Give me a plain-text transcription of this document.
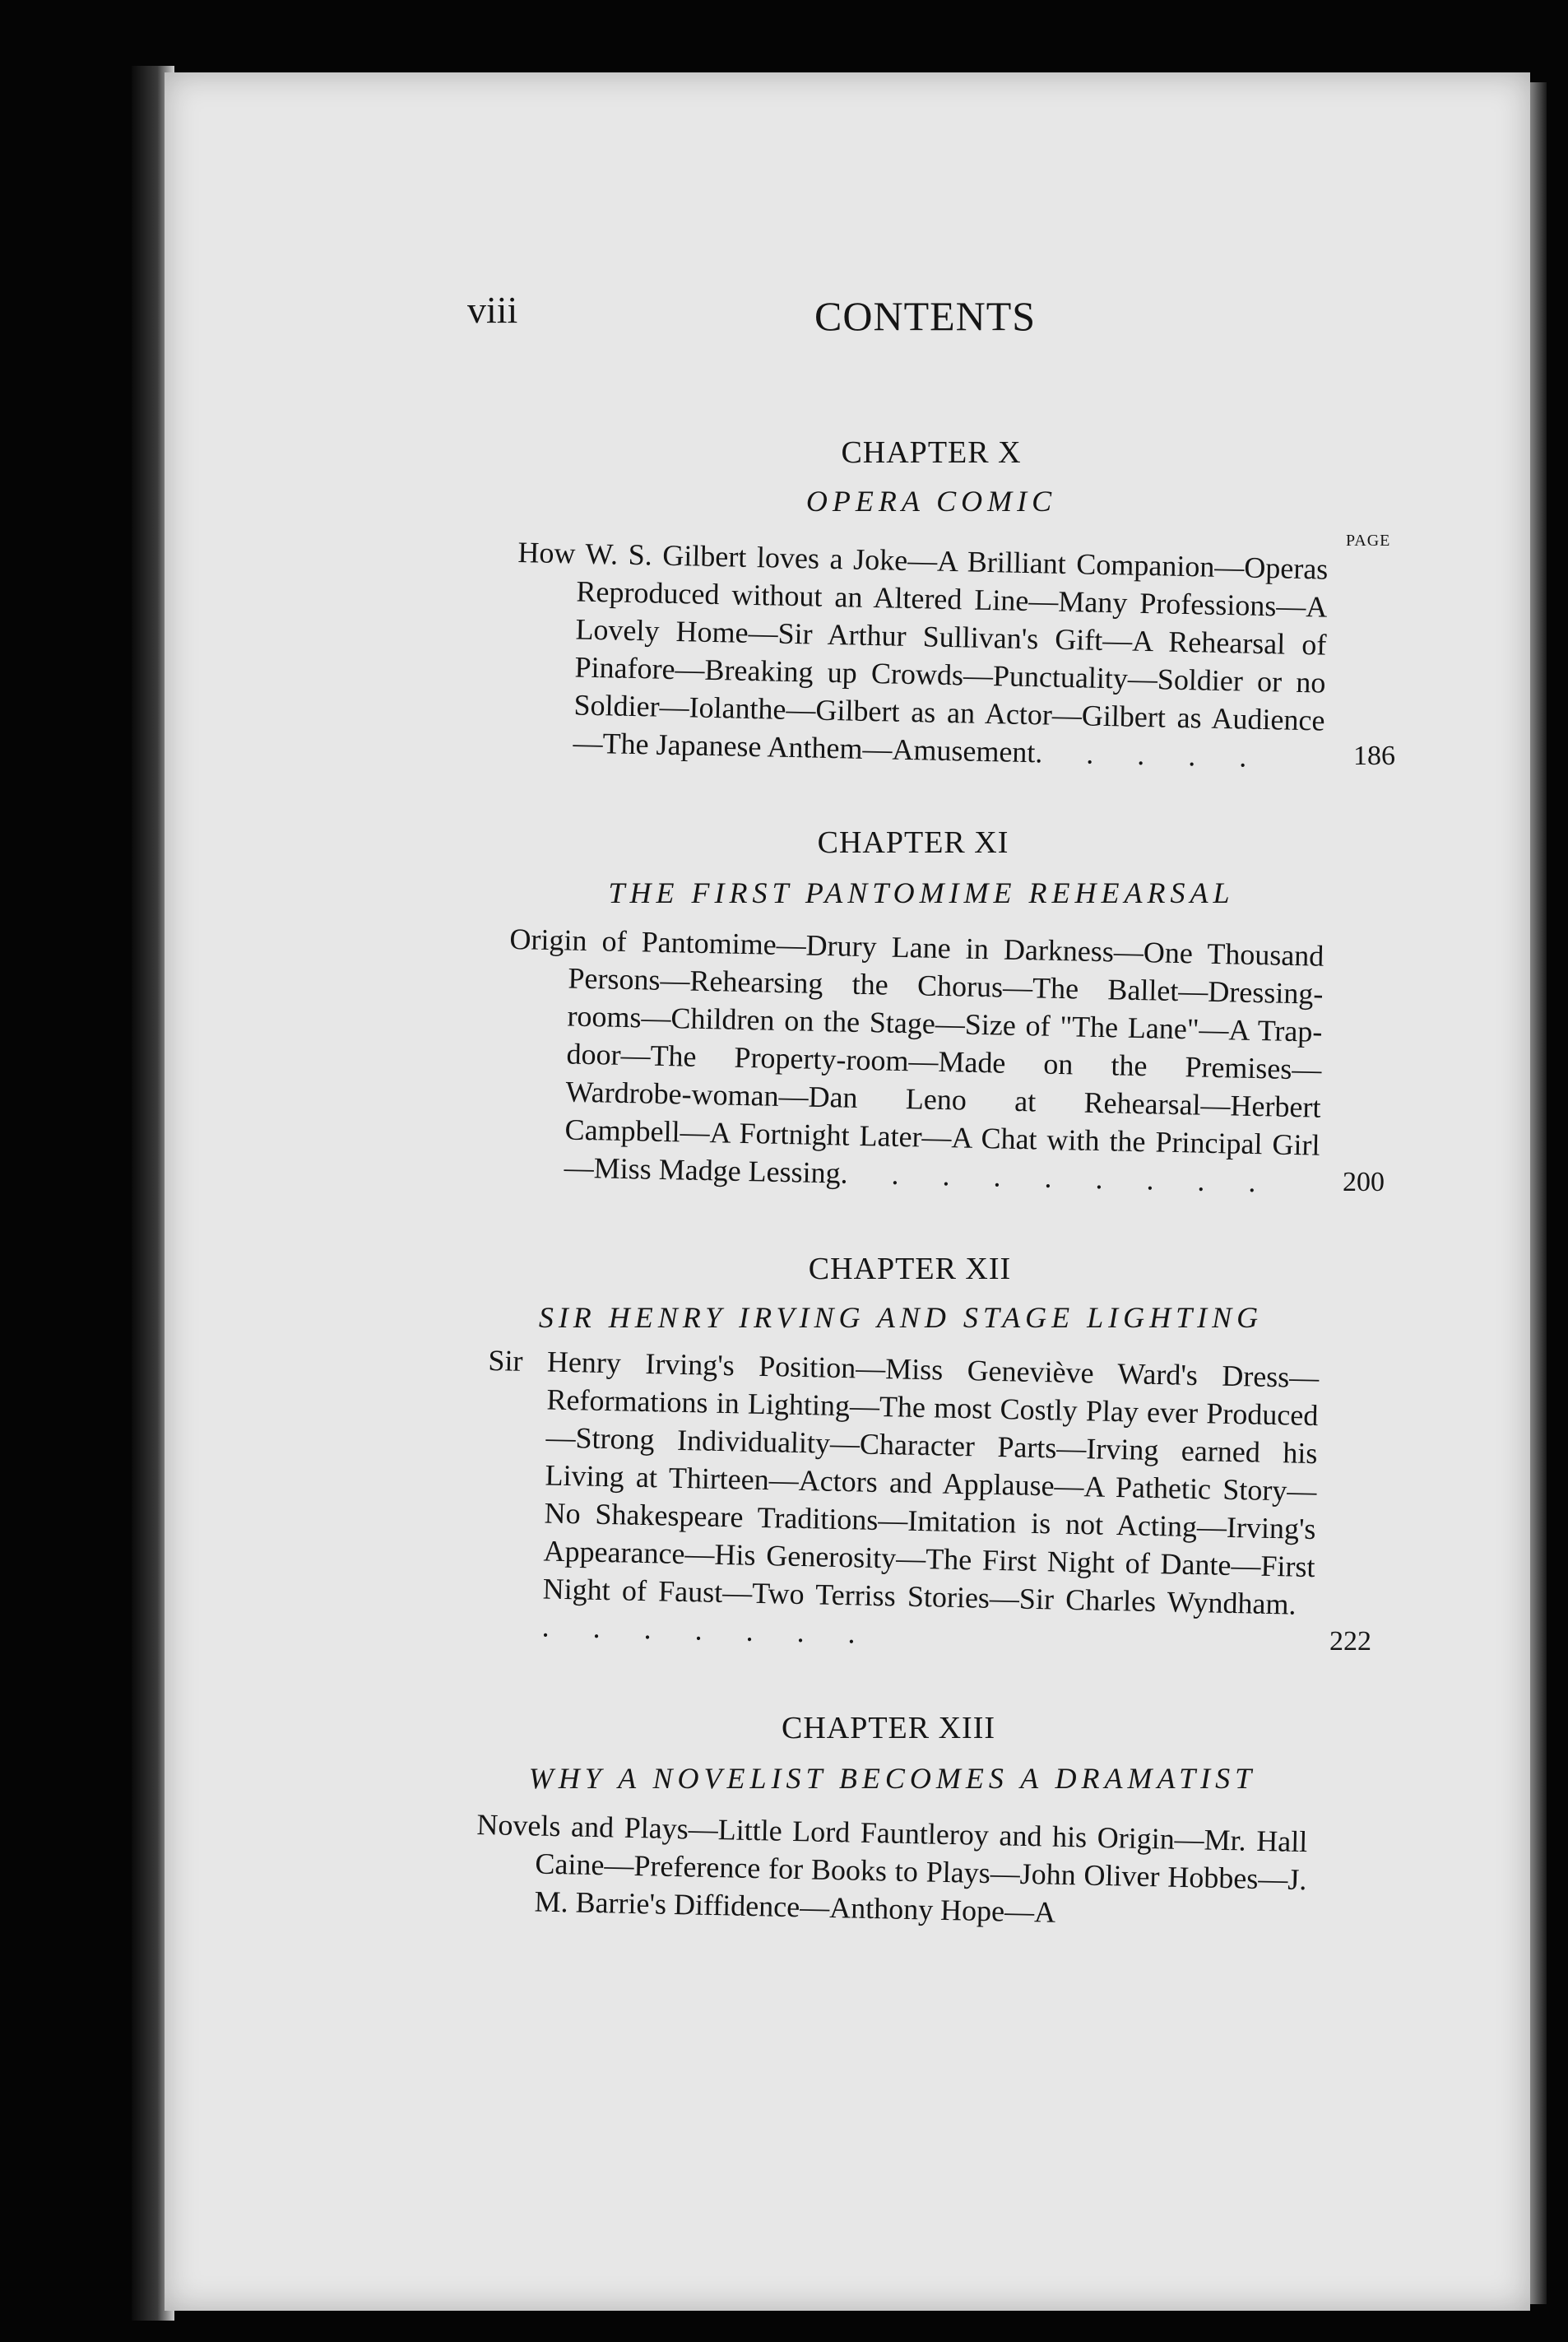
viii	CONTENTS
PAGE
CHAPTER X
OPERA COMIC
How W. S. Gilbert loves a Joke—A Brilliant Companion—Operas Reproduced without an Altered Line—Many Professions—A Lovely Home—Sir Arthur Sullivan's Gift—A Rehearsal of Pinafore—Breaking up Crowds—Punctuality—Soldier or no Soldier—Iolanthe—Gilbert as an Actor—Gilbert as Audience—The Japanese Anthem—Amusement. . . . .	186
CHAPTER XI
THE FIRST PANTOMIME REHEARSAL
Origin of Pantomime—Drury Lane in Darkness—One Thousand Persons—Rehearsing the Chorus—The Ballet—Dressing-rooms—Children on the Stage—Size of "The Lane"—A Trap-door—The Property-room—Made on the Premises—Wardrobe-woman—Dan Leno at Rehearsal—Herbert Campbell—A Fortnight Later—A Chat with the Principal Girl—Miss Madge Lessing. . . . . . . . .	200
CHAPTER XII
SIR HENRY IRVING AND STAGE LIGHTING
Sir Henry Irving's Position—Miss Geneviève Ward's Dress—Reformations in Lighting—The most Costly Play ever Produced—Strong Individuality—Character Parts—Irving earned his Living at Thirteen—Actors and Applause—A Pathetic Story—No Shakespeare Traditions—Imitation is not Acting—Irving's Appearance—His Generosity—The First Night of Dante—First Night of Faust—Two Terriss Stories—Sir Charles Wyndham. . . . . . . .	222
CHAPTER XIII
WHY A NOVELIST BECOMES A DRAMATIST
Novels and Plays—Little Lord Fauntleroy and his Origin—Mr. Hall Caine—Preference for Books to Plays—John Oliver Hobbes—J. M. Barrie's Diffidence—Anthony Hope—A
